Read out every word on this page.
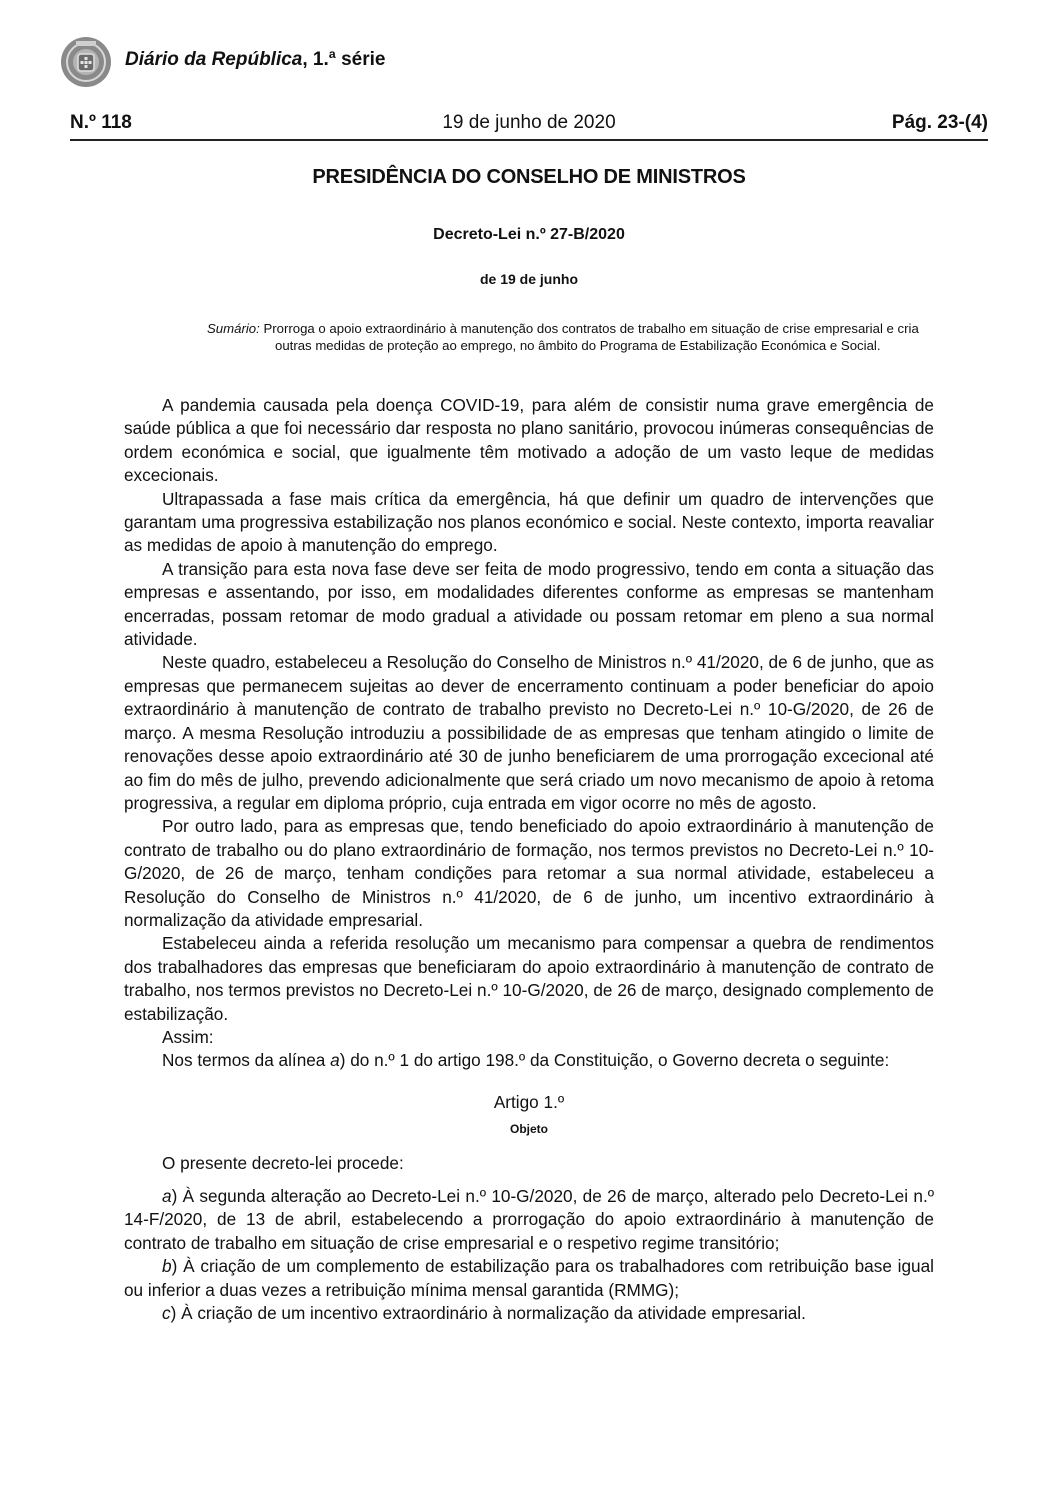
Diário da República, 1.ª série
N.º 118	19 de junho de 2020	Pág. 23-(4)
PRESIDÊNCIA DO CONSELHO DE MINISTROS
Decreto-Lei n.º 27-B/2020
de 19 de junho
Sumário: Prorroga o apoio extraordinário à manutenção dos contratos de trabalho em situação de crise empresarial e cria outras medidas de proteção ao emprego, no âmbito do Programa de Estabilização Económica e Social.

A pandemia causada pela doença COVID-19, para além de consistir numa grave emergência de saúde pública a que foi necessário dar resposta no plano sanitário, provocou inúmeras consequências de ordem económica e social, que igualmente têm motivado a adoção de um vasto leque de medidas excecionais.

Ultrapassada a fase mais crítica da emergência, há que definir um quadro de intervenções que garantam uma progressiva estabilização nos planos económico e social. Neste contexto, importa reavaliar as medidas de apoio à manutenção do emprego.

A transição para esta nova fase deve ser feita de modo progressivo, tendo em conta a situação das empresas e assentando, por isso, em modalidades diferentes conforme as empresas se mantenham encerradas, possam retomar de modo gradual a atividade ou possam retomar em pleno a sua normal atividade.

Neste quadro, estabeleceu a Resolução do Conselho de Ministros n.º 41/2020, de 6 de junho, que as empresas que permanecem sujeitas ao dever de encerramento continuam a poder beneficiar do apoio extraordinário à manutenção de contrato de trabalho previsto no Decreto-Lei n.º 10-G/2020, de 26 de março. A mesma Resolução introduziu a possibilidade de as empresas que tenham atingido o limite de renovações desse apoio extraordinário até 30 de junho beneficiarem de uma prorrogação excecional até ao fim do mês de julho, prevendo adicionalmente que será criado um novo mecanismo de apoio à retoma progressiva, a regular em diploma próprio, cuja entrada em vigor ocorre no mês de agosto.

Por outro lado, para as empresas que, tendo beneficiado do apoio extraordinário à manutenção de contrato de trabalho ou do plano extraordinário de formação, nos termos previstos no Decreto-Lei n.º 10-G/2020, de 26 de março, tenham condições para retomar a sua normal atividade, estabeleceu a Resolução do Conselho de Ministros n.º 41/2020, de 6 de junho, um incentivo extraordinário à normalização da atividade empresarial.

Estabeleceu ainda a referida resolução um mecanismo para compensar a quebra de rendimentos dos trabalhadores das empresas que beneficiaram do apoio extraordinário à manutenção de contrato de trabalho, nos termos previstos no Decreto-Lei n.º 10-G/2020, de 26 de março, designado complemento de estabilização.

Assim:

Nos termos da alínea a) do n.º 1 do artigo 198.º da Constituição, o Governo decreta o seguinte:

Artigo 1.º

Objeto

O presente decreto-lei procede:

a) À segunda alteração ao Decreto-Lei n.º 10-G/2020, de 26 de março, alterado pelo Decreto-Lei n.º 14-F/2020, de 13 de abril, estabelecendo a prorrogação do apoio extraordinário à manutenção de contrato de trabalho em situação de crise empresarial e o respetivo regime transitório;

b) À criação de um complemento de estabilização para os trabalhadores com retribuição base igual ou inferior a duas vezes a retribuição mínima mensal garantida (RMMG);

c) À criação de um incentivo extraordinário à normalização da atividade empresarial.
